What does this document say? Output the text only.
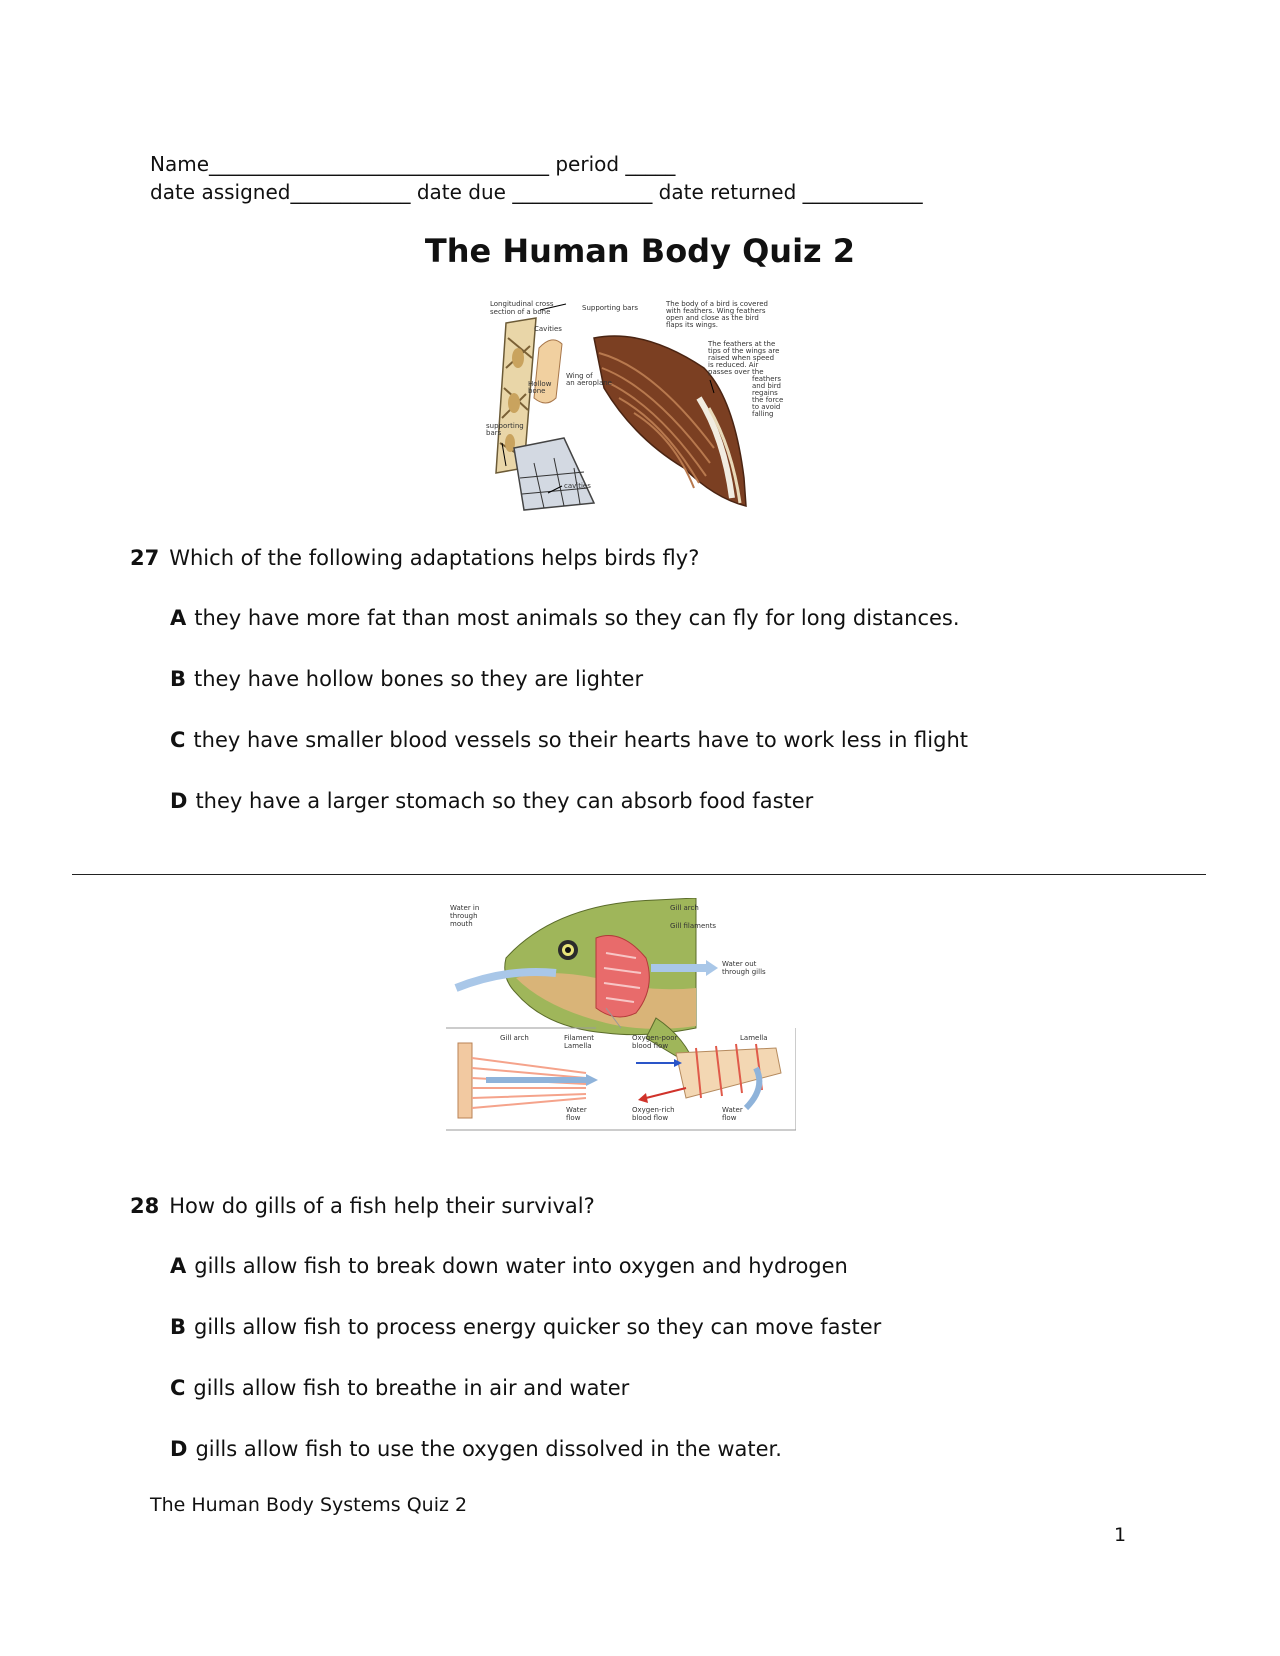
Name__________________________________ period _____
date assigned____________ date due ______________ date returned ____________
The Human Body Quiz 2
Longitudinal cross
section of a bone	Supporting bars
Cavities
Hollow
bone
Wing of
an aeroplane
supporting
bars
cavities
The body of a bird is covered
with feathers. Wing feathers
open and close as the bird
flaps its wings.
The feathers at the
tips of the wings are
raised when speed
is reduced. Air
passes over the
feathers
and bird
regains
the force
to avoid
falling
27 Which of the following adaptations helps birds fly?
A they have more fat than most animals so they can fly for long distances.
B they have hollow bones so they are lighter
C they have smaller blood vessels so their hearts have to work less in flight
D they have a larger stomach so they can absorb food faster
Water in
through
mouth
Gill arch
Gill filaments
Water out
through gills
Gill arch	Filament
Lamella
Oxygen-poor
blood flow
Lamella
Water
flow
Oxygen-rich
blood flow
Water
flow
28 How do gills of a fish help their survival?
A gills allow fish to break down water into oxygen and hydrogen
B gills allow fish to process energy quicker so they can move faster
C gills allow fish to breathe in air and water
D gills allow fish to use the oxygen dissolved in the water.
The Human Body Systems Quiz 2
1
